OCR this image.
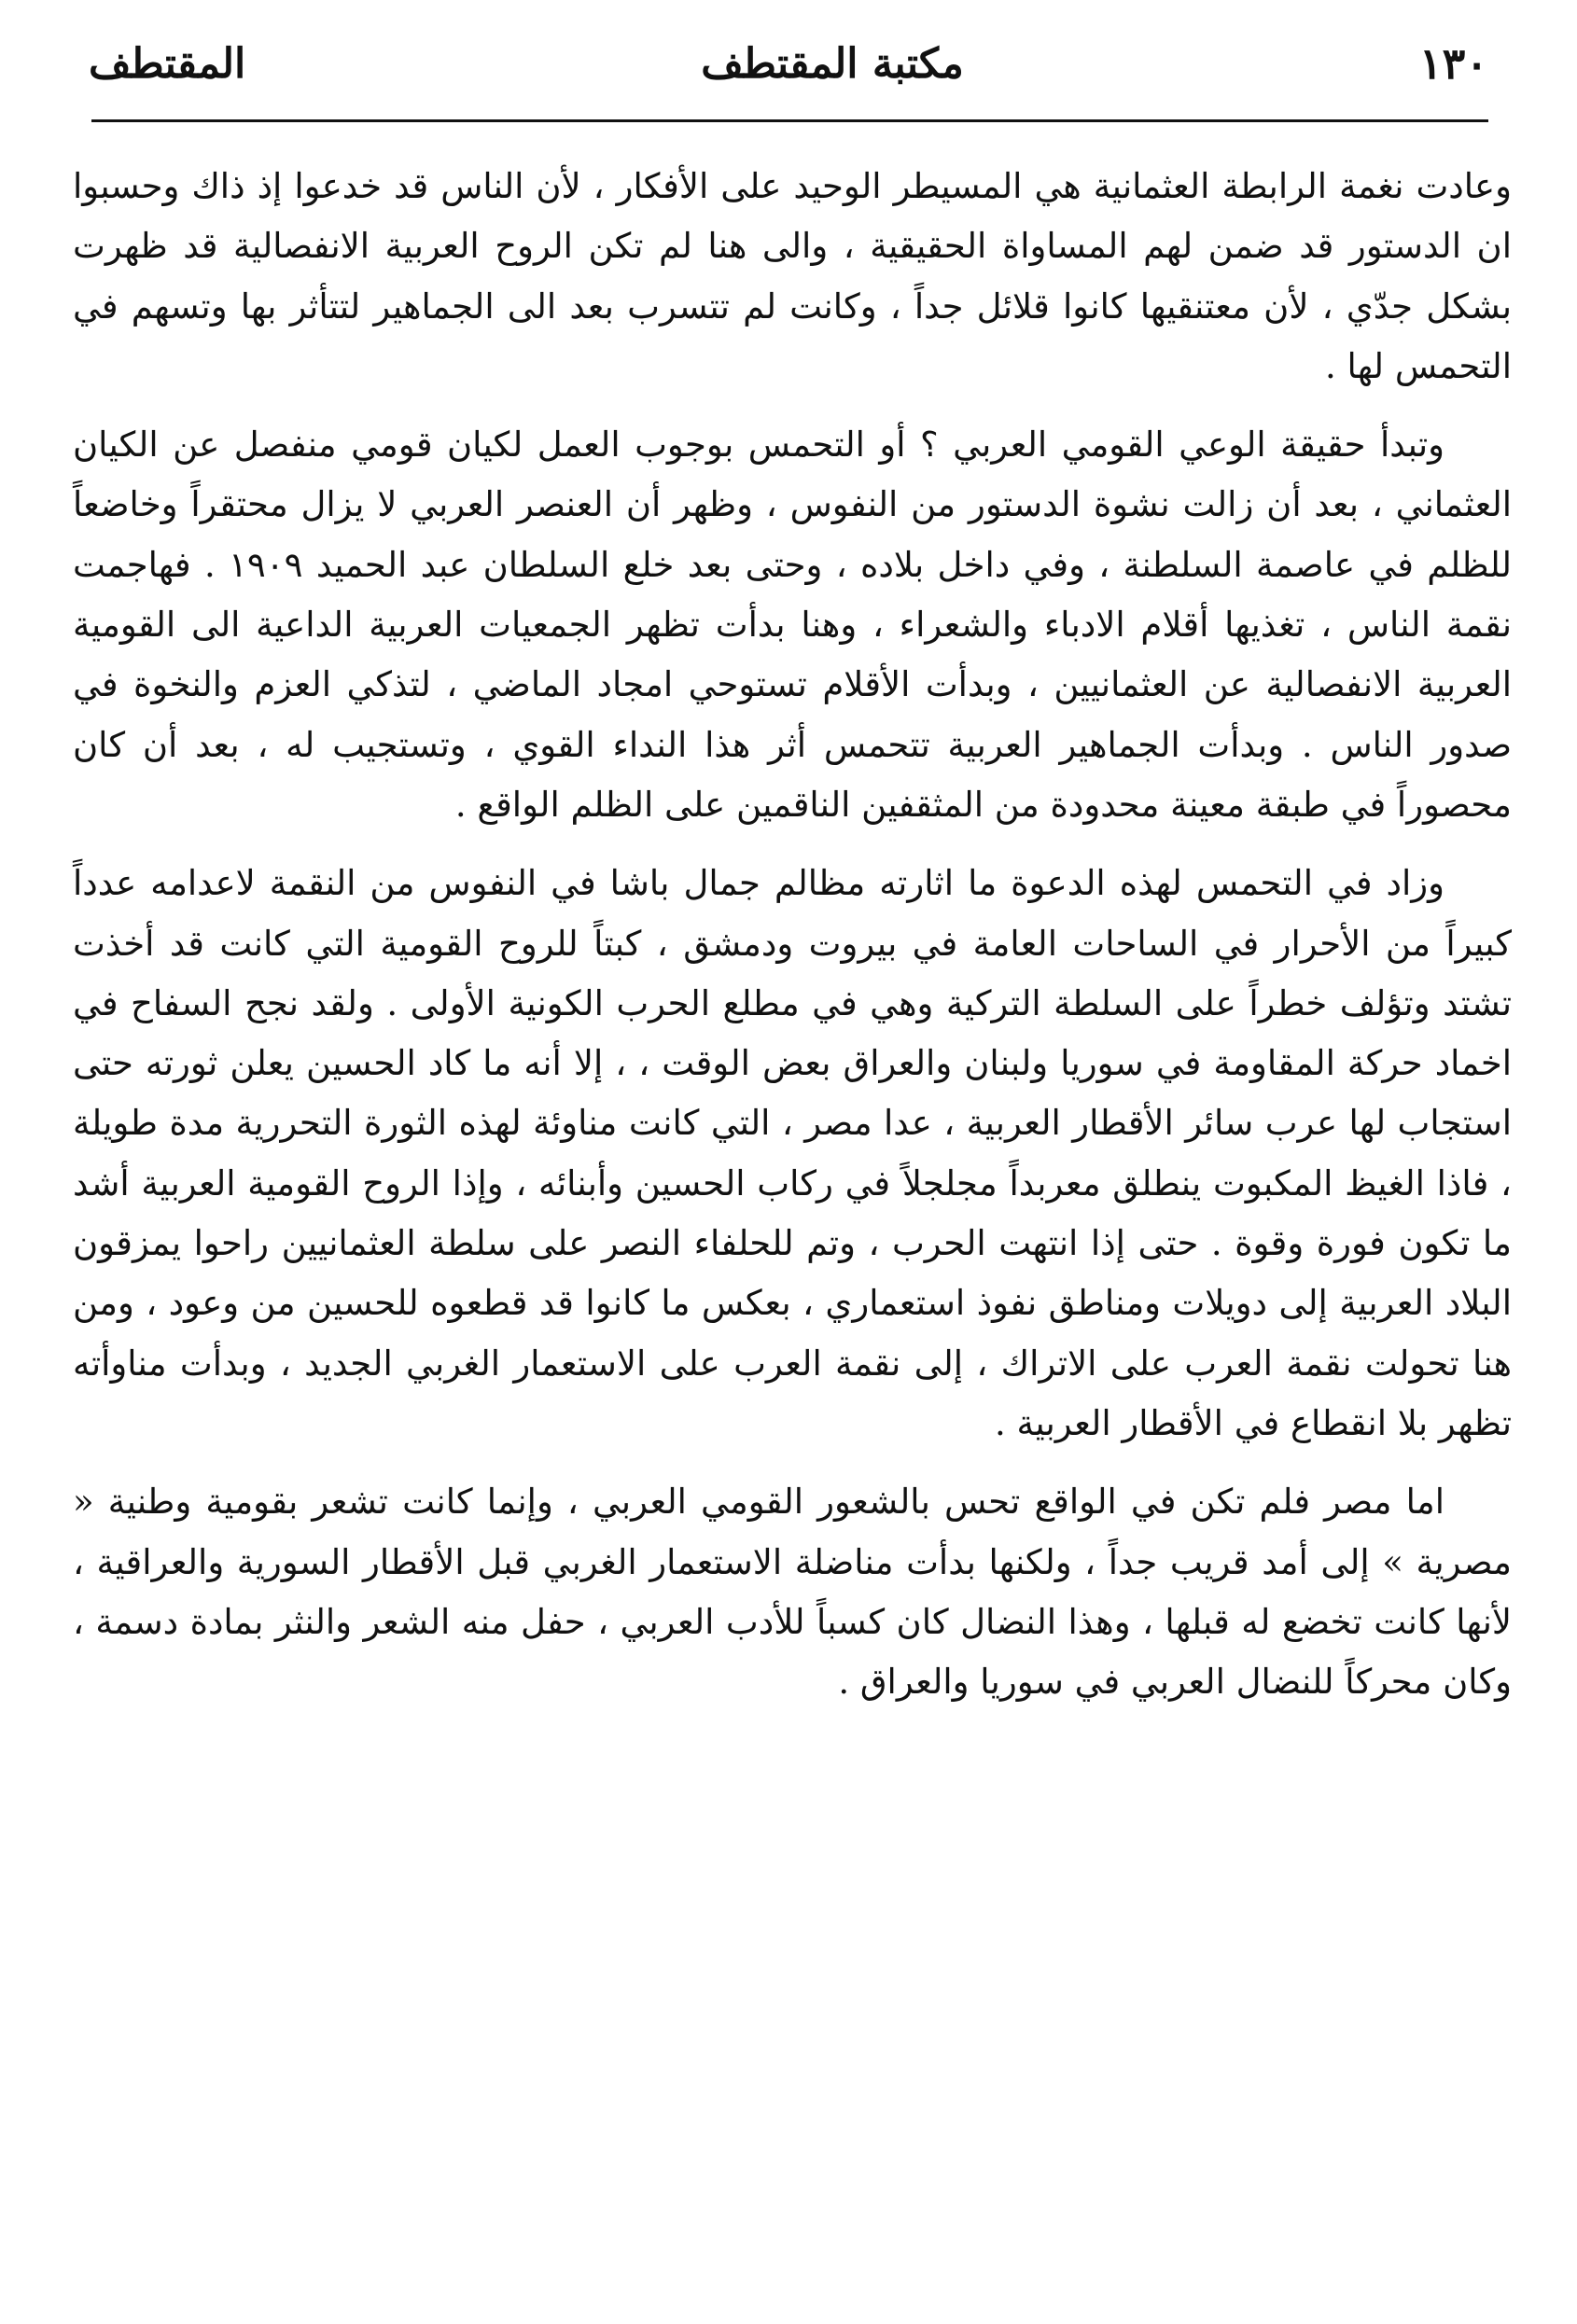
١٣٠
مكتبة المقتطف
المقتطف

وعادت نغمة الرابطة العثمانية هي المسيطر الوحيد على الأفكار ، لأن الناس قد خدعوا إذ ذاك وحسبوا ان الدستور قد ضمن لهم المساواة الحقيقية ، والى هنا لم تكن الروح العربية الانفصالية قد ظهرت بشكل جدّي ، لأن معتنقيها كانوا قلائل جداً ، وكانت لم تتسرب بعد الى الجماهير لتتأثر بها وتسهم في التحمس لها .

وتبدأ حقيقة الوعي القومي العربي ؟ أو التحمس بوجوب العمل لكيان قومي منفصل عن الكيان العثماني ، بعد أن زالت نشوة الدستور من النفوس ، وظهر أن العنصر العربي لا يزال محتقراً وخاضعاً للظلم في عاصمة السلطنة ، وفي داخل بلاده ، وحتى بعد خلع السلطان عبد الحميد ١٩٠٩ . فهاجمت نقمة الناس ، تغذيها أقلام الادباء والشعراء ، وهنا بدأت تظهر الجمعيات العربية الداعية الى القومية العربية الانفصالية عن العثمانيين ، وبدأت الأقلام تستوحي امجاد الماضي ، لتذكي العزم والنخوة في صدور الناس . وبدأت الجماهير العربية تتحمس أثر هذا النداء القوي ، وتستجيب له ، بعد أن كان محصوراً في طبقة معينة محدودة من المثقفين الناقمين على الظلم الواقع .

وزاد في التحمس لهذه الدعوة ما اثارته مظالم جمال باشا في النفوس من النقمة لاعدامه عدداً كبيراً من الأحرار في الساحات العامة في بيروت ودمشق ، كبتاً للروح القومية التي كانت قد أخذت تشتد وتؤلف خطراً على السلطة التركية وهي في مطلع الحرب الكونية الأولى . ولقد نجح السفاح في اخماد حركة المقاومة في سوريا ولبنان والعراق بعض الوقت ، ، إلا أنه ما كاد الحسين يعلن ثورته حتى استجاب لها عرب سائر الأقطار العربية ، عدا مصر ، التي كانت مناوئة لهذه الثورة التحررية مدة طويلة ، فاذا الغيظ المكبوت ينطلق معربداً مجلجلاً في ركاب الحسين وأبنائه ، وإذا الروح القومية العربية أشد ما تكون فورة وقوة . حتى إذا انتهت الحرب ، وتم للحلفاء النصر على سلطة العثمانيين راحوا يمزقون البلاد العربية إلى دويلات ومناطق نفوذ استعماري ، بعكس ما كانوا قد قطعوه للحسين من وعود ، ومن هنا تحولت نقمة العرب على الاتراك ، إلى نقمة العرب على الاستعمار الغربي الجديد ، وبدأت مناوأته تظهر بلا انقطاع في الأقطار العربية .

اما مصر فلم تكن في الواقع تحس بالشعور القومي العربي ، وإنما كانت تشعر بقومية وطنية « مصرية » إلى أمد قريب جداً ، ولكنها بدأت مناضلة الاستعمار الغربي قبل الأقطار السورية والعراقية ، لأنها كانت تخضع له قبلها ، وهذا النضال كان كسباً للأدب العربي ، حفل منه الشعر والنثر بمادة دسمة ، وكان محركاً للنضال العربي في سوريا والعراق .
